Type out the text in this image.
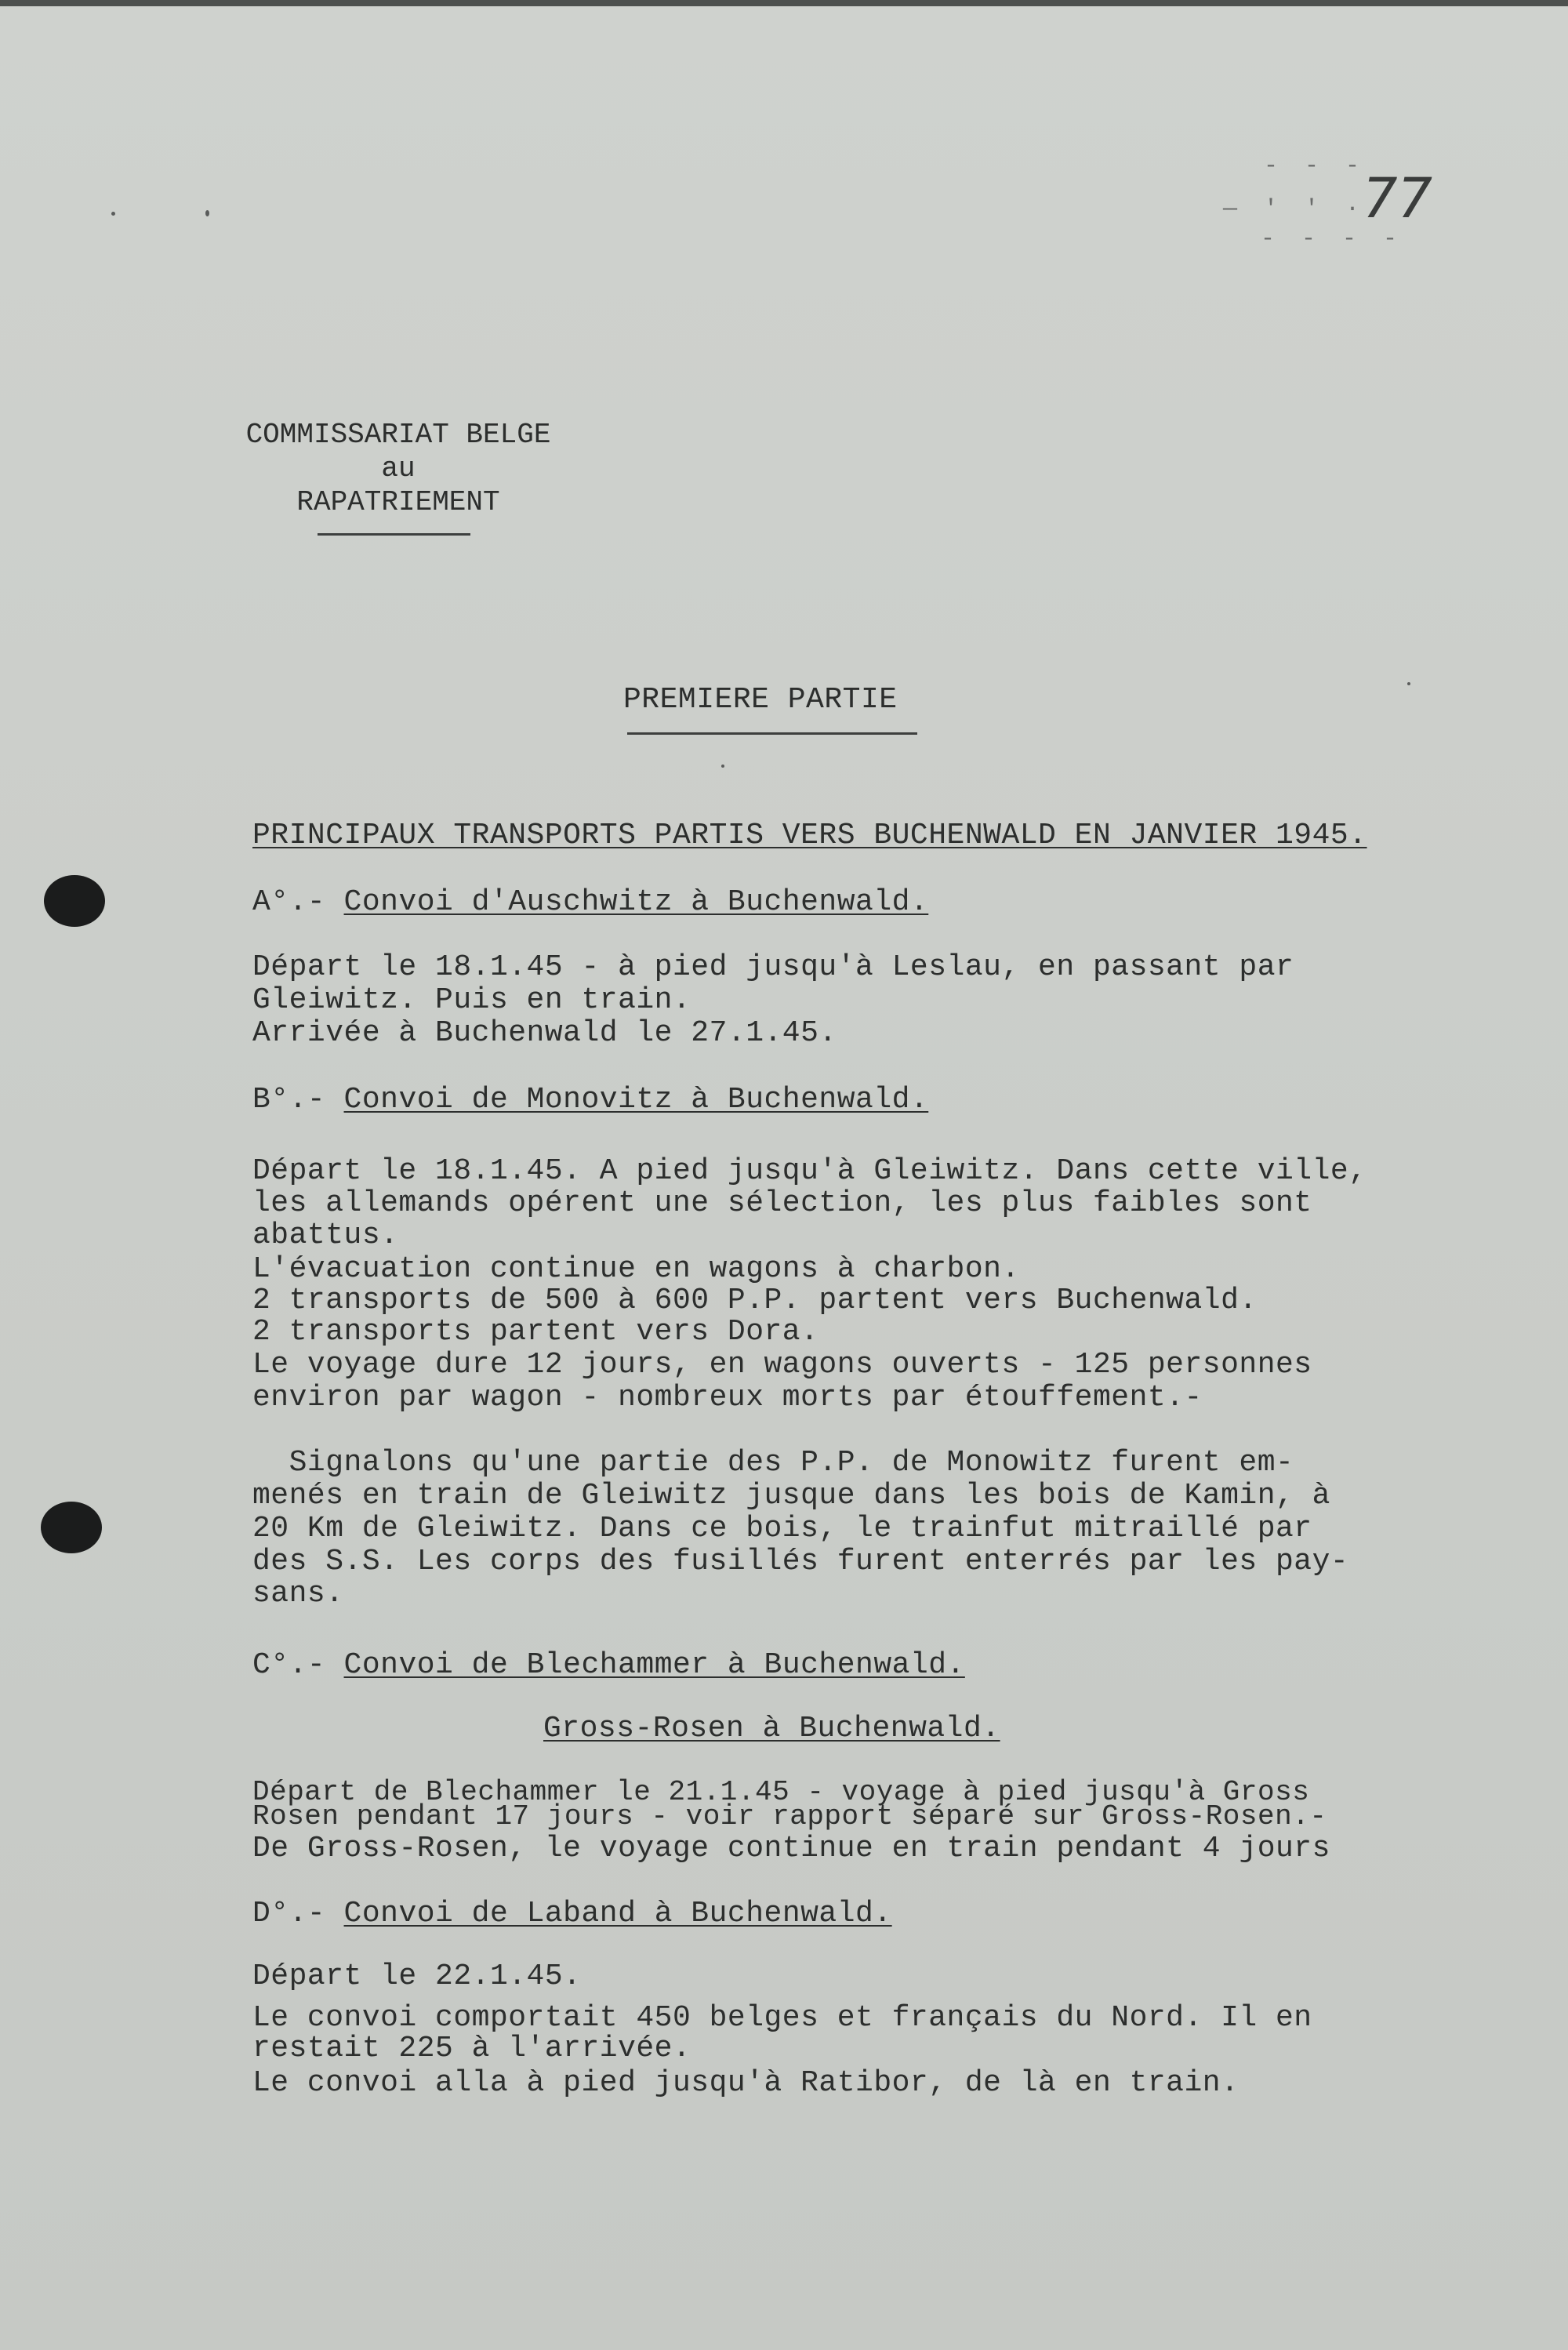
- - -
— ' ' ·
- - - -
77
COMMISSARIAT BELGE
au
RAPATRIEMENT
PREMIERE PARTIE
PRINCIPAUX TRANSPORTS PARTIS VERS BUCHENWALD EN JANVIER 1945.
A°.- Convoi d'Auschwitz à Buchenwald.
Départ le 18.1.45 - à pied jusqu'à Leslau, en passant par
Gleiwitz. Puis en train.
Arrivée à Buchenwald le 27.1.45.
B°.- Convoi de Monovitz à Buchenwald.
Départ le 18.1.45. A pied jusqu'à Gleiwitz. Dans cette ville,
les allemands opérent une sélection, les plus faibles sont
abattus.
L'évacuation continue en wagons à charbon.
2 transports de 500 à 600 P.P. partent vers Buchenwald.
2 transports partent vers Dora.
Le voyage dure 12 jours, en wagons ouverts - 125 personnes
environ par wagon - nombreux morts par étouffement.-
Signalons qu'une partie des P.P. de Monowitz furent em-
menés en train de Gleiwitz jusque dans les bois de Kamin, à
20 Km de Gleiwitz. Dans ce bois, le trainfut mitraillé par
des S.S. Les corps des fusillés furent enterrés par les pay-
sans.
C°.- Convoi de Blechammer à Buchenwald.
Gross-Rosen à Buchenwald.
Départ de Blechammer le 21.1.45 - voyage à pied jusqu'à Gross
Rosen pendant 17 jours - voir rapport séparé sur Gross-Rosen.-
De Gross-Rosen, le voyage continue en train pendant 4 jours
D°.- Convoi de Laband à Buchenwald.
Départ le 22.1.45.
Le convoi comportait 450 belges et français du Nord. Il en
restait 225 à l'arrivée.
Le convoi alla à pied jusqu'à Ratibor, de là en train.
